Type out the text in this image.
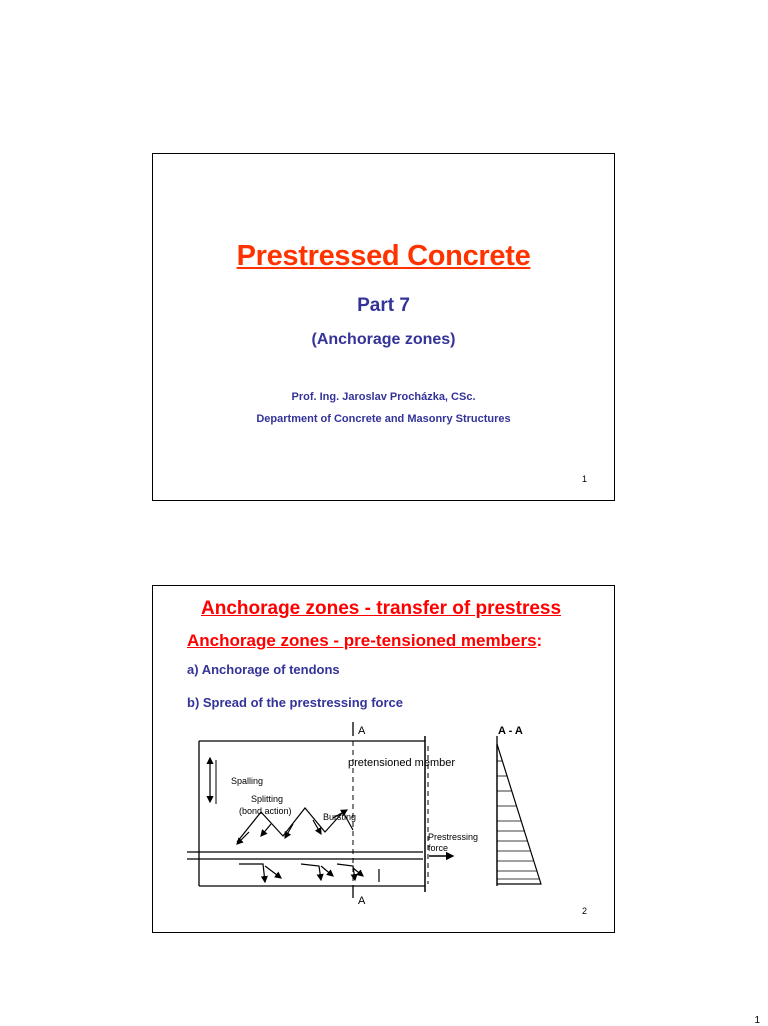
Prestressed Concrete
Part 7
(Anchorage zones)
Prof. Ing. Jaroslav Procházka, CSc.
Department of Concrete and Masonry Structures
1
Anchorage zones - transfer of prestress
Anchorage zones - pre-tensioned members:
a) Anchorage of tendons
b) Spread of the prestressing force
A
A
A - A
pretensioned member
Spalling
Splitting
(bond action)
Bursting
Prestressing
force
2
1
